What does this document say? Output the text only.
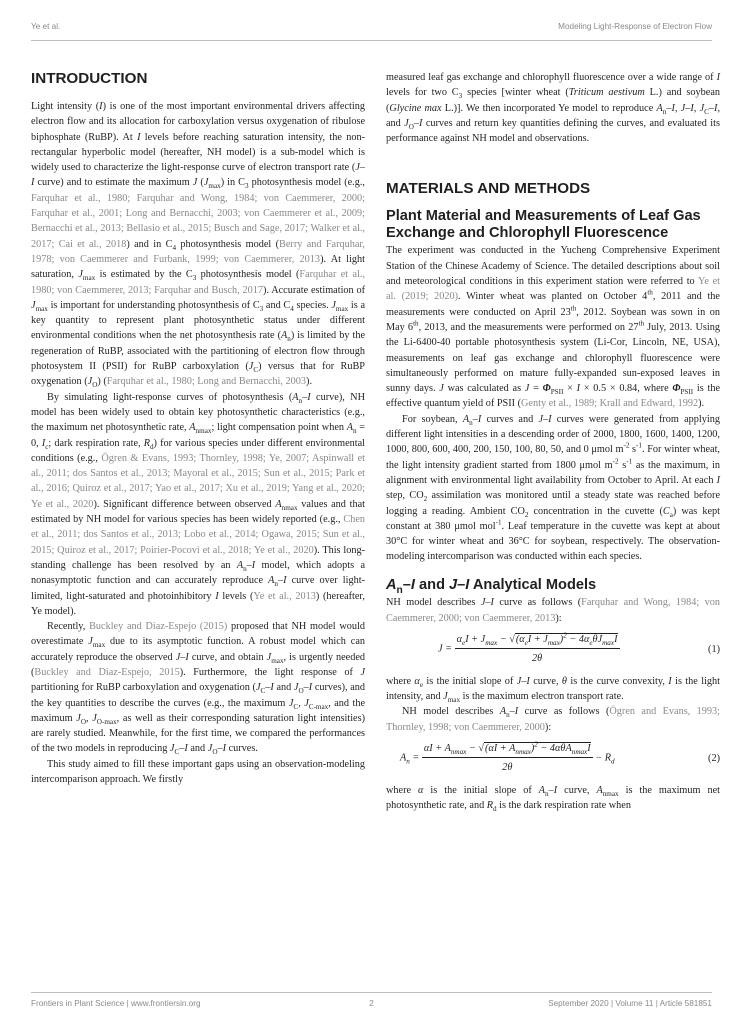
Ye et al.	Modeling Light-Response of Electron Flow
INTRODUCTION

Light intensity (I) is one of the most important environmental drivers affecting electron flow and its allocation for carboxylation versus oxygenation of ribulose biphosphate (RuBP). At I levels before reaching saturation intensity, the non-rectangular hyperbolic model (hereafter, NH model) is a sub-model which is widely used to characterize the light-response curve of electron transport rate (J–I curve) and to estimate the maximum J $(J_{max})$ in $C_3$ photosynthesis model (e.g., Farquhar et al., 1980; Farquhar and Wong, 1984; von Caemmerer, 2000; Farquhar et al., 2001; Long and Bernacchi, 2003; von Caemmerer et al., 2009; Bernacchi et al., 2013; Bellasio et al., 2015; Busch and Sage, 2017; Walker et al., 2017; Cai et al., 2018) and in $C_4$ photosynthesis model (Berry and Farquhar, 1978; von Caemmerer and Furbank, 1999; von Caemmerer, 2013). At light saturation, $J_{max}$ is estimated by the $C_3$ photosynthesis model (Farquhar et al., 1980; von Caemmerer, 2013; Farquhar and Busch, 2017). Accurate estimation of $J_{max}$ is important for understanding photosynthesis of $C_3$ and $C_4$ species. $J_{max}$ is a key quantity to represent plant photosynthetic status under different environmental conditions when the net photosynthesis rate $(A_n)$ is limited by the regeneration of RuBP, associated with the partitioning of electron flow through photosystem II (PSII) for RuBP carboxylation $(J_C)$ versus that for RuBP oxygenation $(J_O)$ (Farquhar et al., 1980; Long and Bernacchi, 2003).

By simulating light-response curves of photosynthesis ($A_n-I$ curve), NH model has been widely used to obtain key photosynthetic characteristics (e.g., the maximum net photosynthetic rate, $A_{nmax}$; light compensation point when $A_n = 0$, $I_c$; dark respiration rate, $R_d$) for various species under different environmental conditions (e.g., Ögren & Evans, 1993; Thornley, 1998; Ye, 2007; Aspinwall et al., 2011; dos Santos et al., 2013; Mayoral et al., 2015; Sun et al., 2015; Park et al., 2016; Quiroz et al., 2017; Yao et al., 2017; Xu et al., 2019; Yang et al., 2020; Ye et al., 2020). Significant difference between observed $A_{nmax}$ values and that estimated by NH model for various species has been widely reported (e.g., Chen et al., 2011; dos Santos et al., 2013; Lobo et al., 2014; Ogawa, 2015; Sun et al., 2015; Quiroz et al., 2017; Poirier-Pocovi et al., 2018; Ye et al., 2020). This long-standing challenge has been resolved by an $A_n-I$ model, which adopts a nonasymptotic function and can accurately reproduce $A_n-I$ curve over light-limited, light-saturated and photoinhibitory I levels (Ye et al., 2013) (hereafter, Ye model).

Recently, Buckley and Diaz-Espejo (2015) proposed that NH model would overestimate $J_{max}$ due to its asymptotic function. A robust model which can accurately reproduce the observed J–I curve, and obtain $J_{max}$, is urgently needed (Buckley and Diaz-Espejo, 2015). Furthermore, the light response of J partitioning for RuBP carboxylation and oxygenation ($J_C-I$ and $J_O-I$ curves), and the key quantities to describe the curves (e.g., the maximum $J_C$, $J_{C-max}$, and the maximum $J_O$, $J_{O-max}$, as well as their corresponding saturation light intensities) are rarely studied. Meanwhile, for the first time, we compared the performances of the two models in reproducing $J_C-I$ and $J_O-I$ curves.

This study aimed to fill these important gaps using an observation-modeling intercomparison approach. We firstly

measured leaf gas exchange and chlorophyll fluorescence over a wide range of I levels for two $C_3$ species [winter wheat (Triticum aestivum L.) and soybean (Glycine max L.)]. We then incorporated Ye model to reproduce $A_n-I$, J–I, $J_C-I$, and $J_O-I$ curves and return key quantities defining the curves, and evaluated its performance against NH model and observations.

MATERIALS AND METHODS
Plant Material and Measurements of Leaf Gas Exchange and Chlorophyll Fluorescence

The experiment was conducted in the Yucheng Comprehensive Experiment Station of the Chinese Academy of Science. The detailed descriptions about soil and meteorological conditions in this experiment station were referred to Ye et al. (2019; 2020). Winter wheat was planted on October 4th, 2011 and the measurements were conducted on April 23th, 2012. Soybean was sown in on May 6th, 2013, and the measurements were performed on 27th July, 2013. Using the Li-6400-40 portable photosynthesis system (Li-Cor, Lincoln, NE, USA), measurements on leaf gas exchange and chlorophyll fluorescence were simultaneously performed on mature fully-expanded sun-exposed leaves in sunny days. J was calculated as $J = \Phi_{PSII} \times I \times 0.5 \times 0.84$, where $\Phi_{PSII}$ is the effective quantum yield of PSII (Genty et al., 1989; Krall and Edward, 1992).

For soybean, $A_n-I$ curves and J–I curves were generated from applying different light intensities in a descending order of 2000, 1800, 1600, 1400, 1200, 1000, 800, 600, 400, 200, 150, 100, 80, 50, and 0 μmol $m^{-2}$ $s^{-1}$. For winter wheat, the light intensity gradient started from 1800 μmol $m^{-2}$ $s^{-1}$ as the maximum, in alignment with environmental light availability from October to April. At each I step, $CO_2$ assimilation was monitored until a steady state was reached before logging a reading. Ambient $CO_2$ concentration in the cuvette $(C_a)$ was kept constant at 380 μmol mol$^{-1}$. Leaf temperature in the cuvette was kept at about 30°C for winter wheat and 36°C for soybean, respectively. The observation-modeling intercomparison was conducted within each species.

$A_n-I$ and J–I Analytical Models

NH model describes J–I curve as follows (Farquhar and Wong, 1984; von Caemmerer, 2000; von Caemmerer, 2013):

$J = \frac{\alpha_eI + J_{max} - √(\alpha_eI + J_{max})^2 - 4\alpha_e\theta J_{max}I}{2\theta}$	(1)

where $\alpha_e$ is the initial slope of J–I curve, θ is the curve convexity, I is the light intensity, and $J_{max}$ is the maximum electron transport rate.

NH model describes $A_n-I$ curve as follows (Ögren and Evans, 1993; Thornley, 1998; von Caemmerer, 2000):

$A_n = \frac{\alpha I + A_{nmax} - √(\alpha I + A_{nmax})^2 - 4\alpha\theta A_{nmax}I}{2\theta} - R_d$	(2)

where α is the initial slope of $A_n-I$ curve, $A_{nmax}$ is the maximum net photosynthetic rate, and $R_d$ is the dark respiration rate when

Frontiers in Plant Science | www.frontiersin.org	2	September 2020 | Volume 11 | Article 581851
